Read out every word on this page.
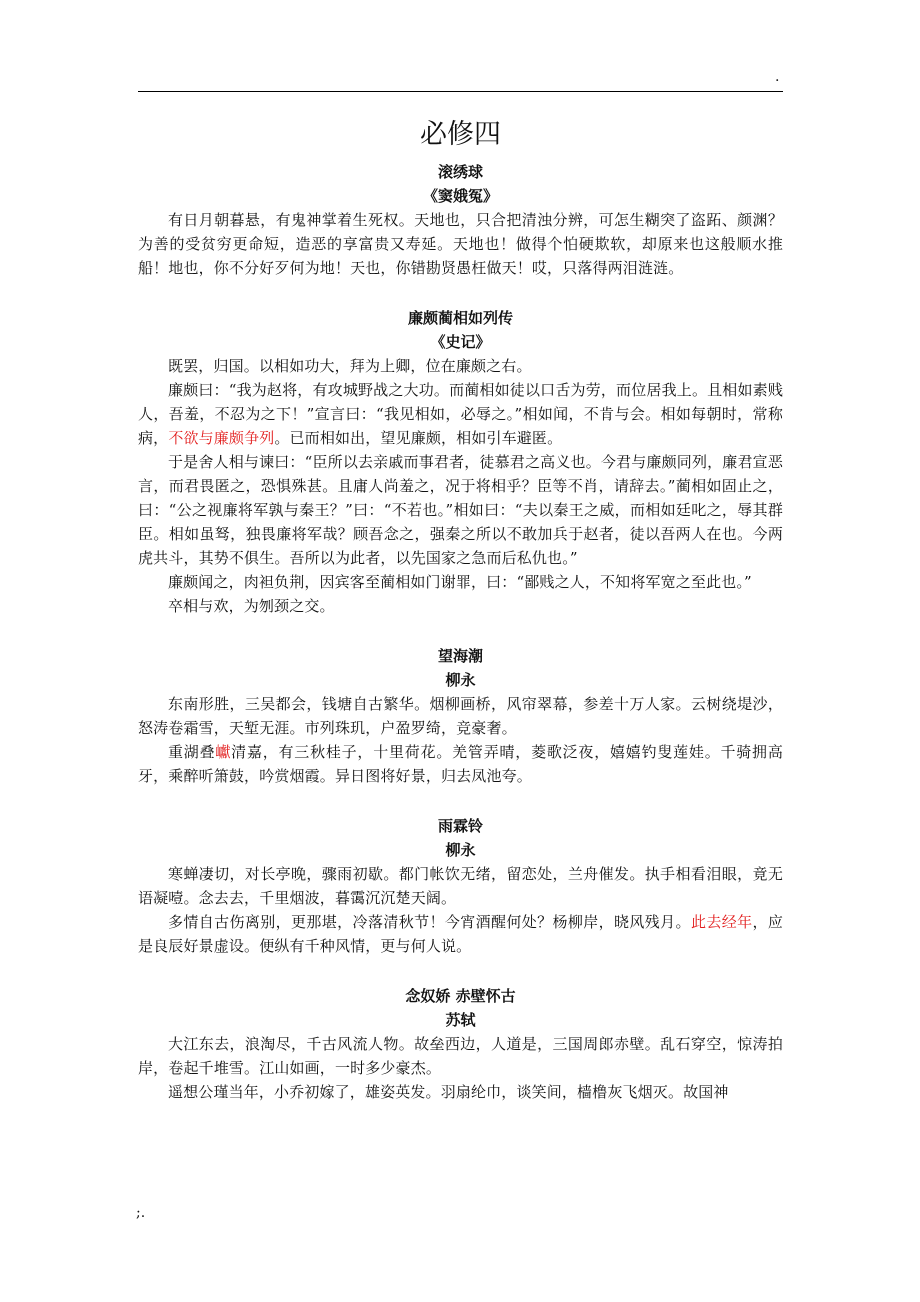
.
必修四
滚绣球
《窦娥冤》

有日月朝暮悬，有鬼神掌着生死权。天地也，只合把清浊分辨，可怎生糊突了盗跖、颜渊？为善的受贫穷更命短，造恶的享富贵又寿延。天地也！做得个怕硬欺软，却原来也这般顺水推船！地也，你不分好歹何为地！天也，你错勘贤愚枉做天！哎，只落得两泪涟涟。

廉颇蔺相如列传
《史记》

既罢，归国。以相如功大，拜为上卿，位在廉颇之右。

廉颇曰：“我为赵将，有攻城野战之大功。而蔺相如徒以口舌为劳，而位居我上。且相如素贱人，吾羞，不忍为之下！”宣言曰：“我见相如，必辱之。”相如闻，不肯与会。相如每朝时，常称病，不欲与廉颇争列。已而相如出，望见廉颇，相如引车避匿。

于是舍人相与谏曰：“臣所以去亲戚而事君者，徒慕君之高义也。今君与廉颇同列，廉君宣恶言，而君畏匿之，恐惧殊甚。且庸人尚羞之，况于将相乎？臣等不肖，请辞去。”蔺相如固止之，曰：“公之视廉将军孰与秦王？”曰：“不若也。”相如曰：“夫以秦王之威，而相如廷叱之，辱其群臣。相如虽驽，独畏廉将军哉？顾吾念之，强秦之所以不敢加兵于赵者，徒以吾两人在也。今两虎共斗，其势不俱生。吾所以为此者，以先国家之急而后私仇也。”

廉颇闻之，肉袒负荆，因宾客至蔺相如门谢罪，曰：“鄙贱之人，不知将军宽之至此也。”

卒相与欢，为刎颈之交。

望海潮
柳永

东南形胜，三吴都会，钱塘自古繁华。烟柳画桥，风帘翠幕，参差十万人家。云树绕堤沙，怒涛卷霜雪，天堑无涯。市列珠玑，户盈罗绮，竞豪奢。

重湖叠巘清嘉，有三秋桂子，十里荷花。羌管弄晴，菱歌泛夜，嬉嬉钓叟莲娃。千骑拥高牙，乘醉听箫鼓，吟赏烟霞。异日图将好景，归去凤池夸。

雨霖铃
柳永

寒蝉凄切，对长亭晚，骤雨初歇。都门帐饮无绪，留恋处，兰舟催发。执手相看泪眼，竟无语凝噎。念去去，千里烟波，暮霭沉沉楚天阔。

多情自古伤离别，更那堪，冷落清秋节！今宵酒醒何处？杨柳岸，晓风残月。此去经年，应是良辰好景虚设。便纵有千种风情，更与何人说。

念奴娇 赤壁怀古
苏轼

大江东去，浪淘尽，千古风流人物。故垒西边，人道是，三国周郎赤壁。乱石穿空，惊涛拍岸，卷起千堆雪。江山如画，一时多少豪杰。

遥想公瑾当年，小乔初嫁了，雄姿英发。羽扇纶巾，谈笑间，樯橹灰飞烟灭。故国神

;.
